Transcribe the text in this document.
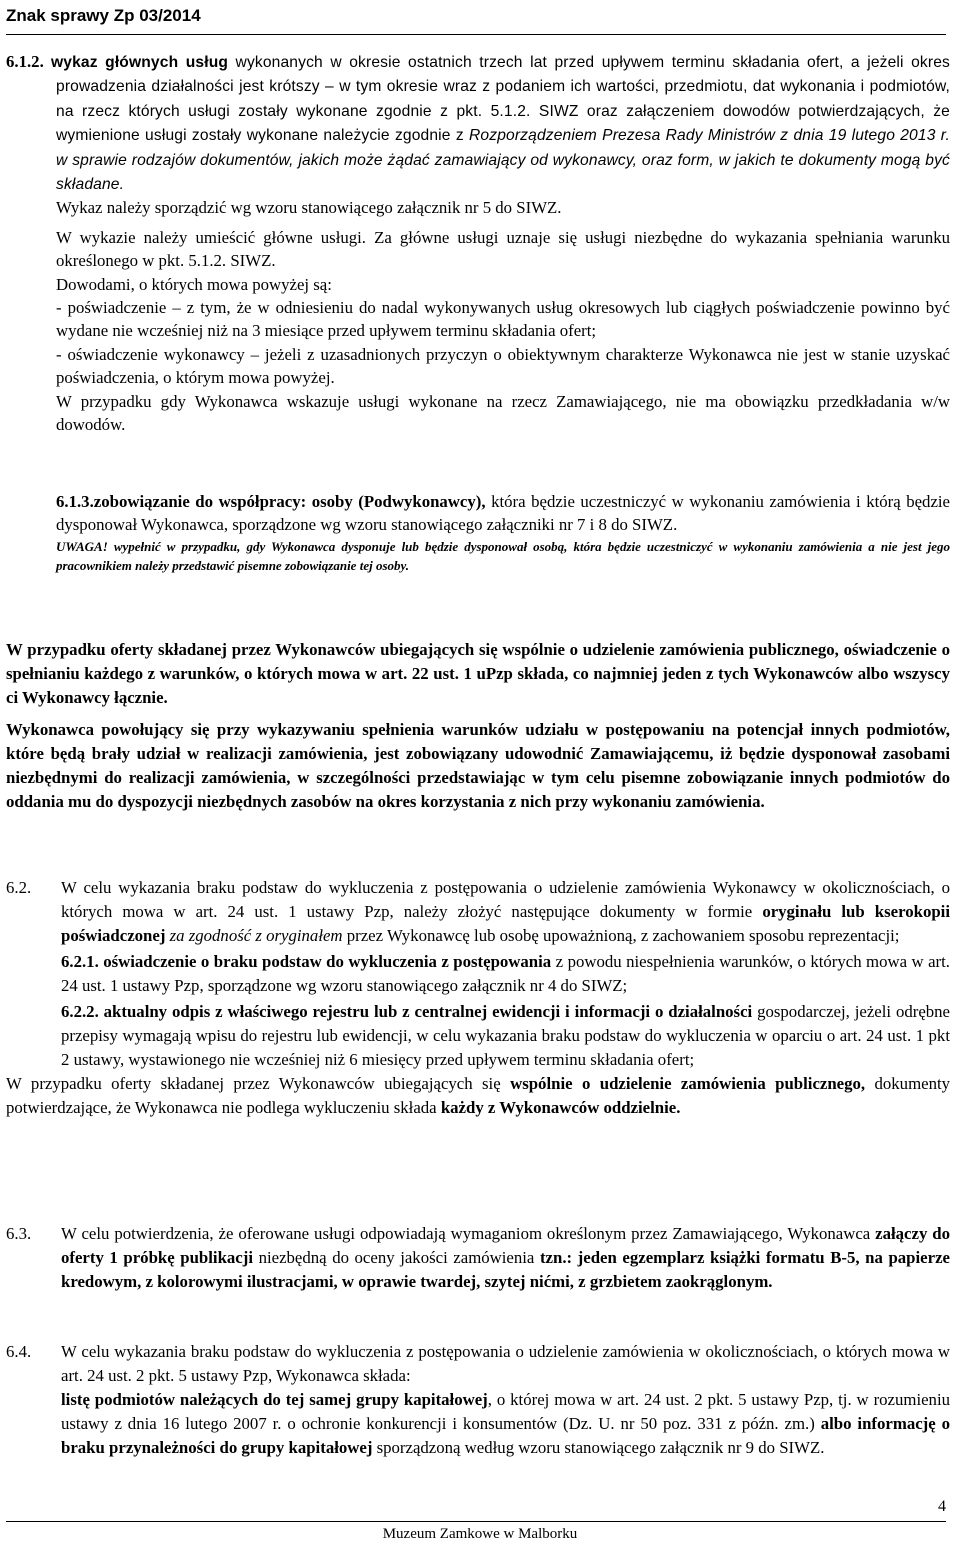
Znak sprawy Zp 03/2014

6.1.2. wykaz głównych usług wykonanych w okresie ostatnich trzech lat przed upływem terminu składania ofert, a jeżeli okres prowadzenia działalności jest krótszy – w tym okresie wraz z podaniem ich wartości, przedmiotu, dat wykonania i podmiotów, na rzecz których usługi zostały wykonane zgodnie z pkt. 5.1.2. SIWZ oraz załączeniem dowodów potwierdzających, że wymienione usługi zostały wykonane należycie zgodnie z Rozporządzeniem Prezesa Rady Ministrów z dnia 19 lutego 2013 r. w sprawie rodzajów dokumentów, jakich może żądać zamawiający od wykonawcy, oraz form, w jakich te dokumenty mogą być składane.

Wykaz należy sporządzić wg wzoru stanowiącego załącznik nr 5 do SIWZ.

W wykazie należy umieścić główne usługi. Za główne usługi uznaje się usługi niezbędne do wykazania spełniania warunku określonego w pkt. 5.1.2. SIWZ.

Dowodami, o których mowa powyżej są:

- poświadczenie – z tym, że w odniesieniu do nadal wykonywanych usług okresowych lub ciągłych poświadczenie powinno być wydane nie wcześniej niż na 3 miesiące przed upływem terminu składania ofert;

- oświadczenie wykonawcy – jeżeli z uzasadnionych przyczyn o obiektywnym charakterze Wykonawca nie jest w stanie uzyskać poświadczenia, o którym mowa powyżej.

W przypadku gdy Wykonawca wskazuje usługi wykonane na rzecz Zamawiającego, nie ma obowiązku przedkładania w/w dowodów.

6.1.3.zobowiązanie do współpracy: osoby (Podwykonawcy), która będzie uczestniczyć w wykonaniu zamówienia i którą będzie dysponował Wykonawca, sporządzone wg wzoru stanowiącego załączniki nr 7 i 8 do SIWZ.

UWAGA! wypełnić w przypadku, gdy Wykonawca dysponuje lub będzie dysponował osobą, która będzie uczestniczyć w wykonaniu zamówienia a nie jest jego pracownikiem należy przedstawić pisemne zobowiązanie tej osoby.

W przypadku oferty składanej przez Wykonawców ubiegających się wspólnie o udzielenie zamówienia publicznego, oświadczenie o spełnianiu każdego z warunków, o których mowa w art. 22 ust. 1 uPzp składa, co najmniej jeden z tych Wykonawców albo wszyscy ci Wykonawcy łącznie.

Wykonawca powołujący się przy wykazywaniu spełnienia warunków udziału w postępowaniu na potencjał innych podmiotów, które będą brały udział w realizacji zamówienia, jest zobowiązany udowodnić Zamawiającemu, iż będzie dysponował zasobami niezbędnymi do realizacji zamówienia, w szczególności przedstawiając w tym celu pisemne zobowiązanie innych podmiotów do oddania mu do dyspozycji niezbędnych zasobów na okres korzystania z nich przy wykonaniu zamówienia.

6.2.	W celu wykazania braku podstaw do wykluczenia z postępowania o udzielenie zamówienia Wykonawcy w okolicznościach, o których mowa w art. 24 ust. 1 ustawy Pzp, należy złożyć następujące dokumenty w formie oryginału lub kserokopii poświadczonej za zgodność z oryginałem przez Wykonawcę lub osobę upoważnioną, z zachowaniem sposobu reprezentacji;

6.2.1. oświadczenie o braku podstaw do wykluczenia z postępowania z powodu niespełnienia warunków, o których mowa w art. 24 ust. 1 ustawy Pzp, sporządzone wg wzoru stanowiącego załącznik nr 4 do SIWZ;

6.2.2. aktualny odpis z właściwego rejestru lub z centralnej ewidencji i informacji o działalności gospodarczej, jeżeli odrębne przepisy wymagają wpisu do rejestru lub ewidencji, w celu wykazania braku podstaw do wykluczenia w oparciu o art. 24 ust. 1 pkt 2 ustawy, wystawionego nie wcześniej niż 6 miesięcy przed upływem terminu składania ofert;

W przypadku oferty składanej przez Wykonawców ubiegających się wspólnie o udzielenie zamówienia publicznego, dokumenty potwierdzające, że Wykonawca nie podlega wykluczeniu składa każdy z Wykonawców oddzielnie.

6.3.	W celu potwierdzenia, że oferowane usługi odpowiadają wymaganiom określonym przez Zamawiającego, Wykonawca załączy do oferty 1 próbkę publikacji niezbędną do oceny jakości zamówienia tzn.: jeden egzemplarz książki formatu B-5, na papierze kredowym, z kolorowymi ilustracjami, w oprawie twardej, szytej nićmi, z grzbietem zaokrąglonym.

6.4.	W celu wykazania braku podstaw do wykluczenia z postępowania o udzielenie zamówienia w okolicznościach, o których mowa w art. 24 ust. 2 pkt. 5 ustawy Pzp, Wykonawca składa:

listę podmiotów należących do tej samej grupy kapitałowej, o której mowa w art. 24 ust. 2 pkt. 5 ustawy Pzp, tj. w rozumieniu ustawy z dnia 16 lutego 2007 r. o ochronie konkurencji i konsumentów (Dz. U. nr 50 poz. 331 z późn. zm.) albo informację o braku przynależności do grupy kapitałowej sporządzoną według wzoru stanowiącego załącznik nr 9 do SIWZ.

4
Muzeum Zamkowe w Malborku
